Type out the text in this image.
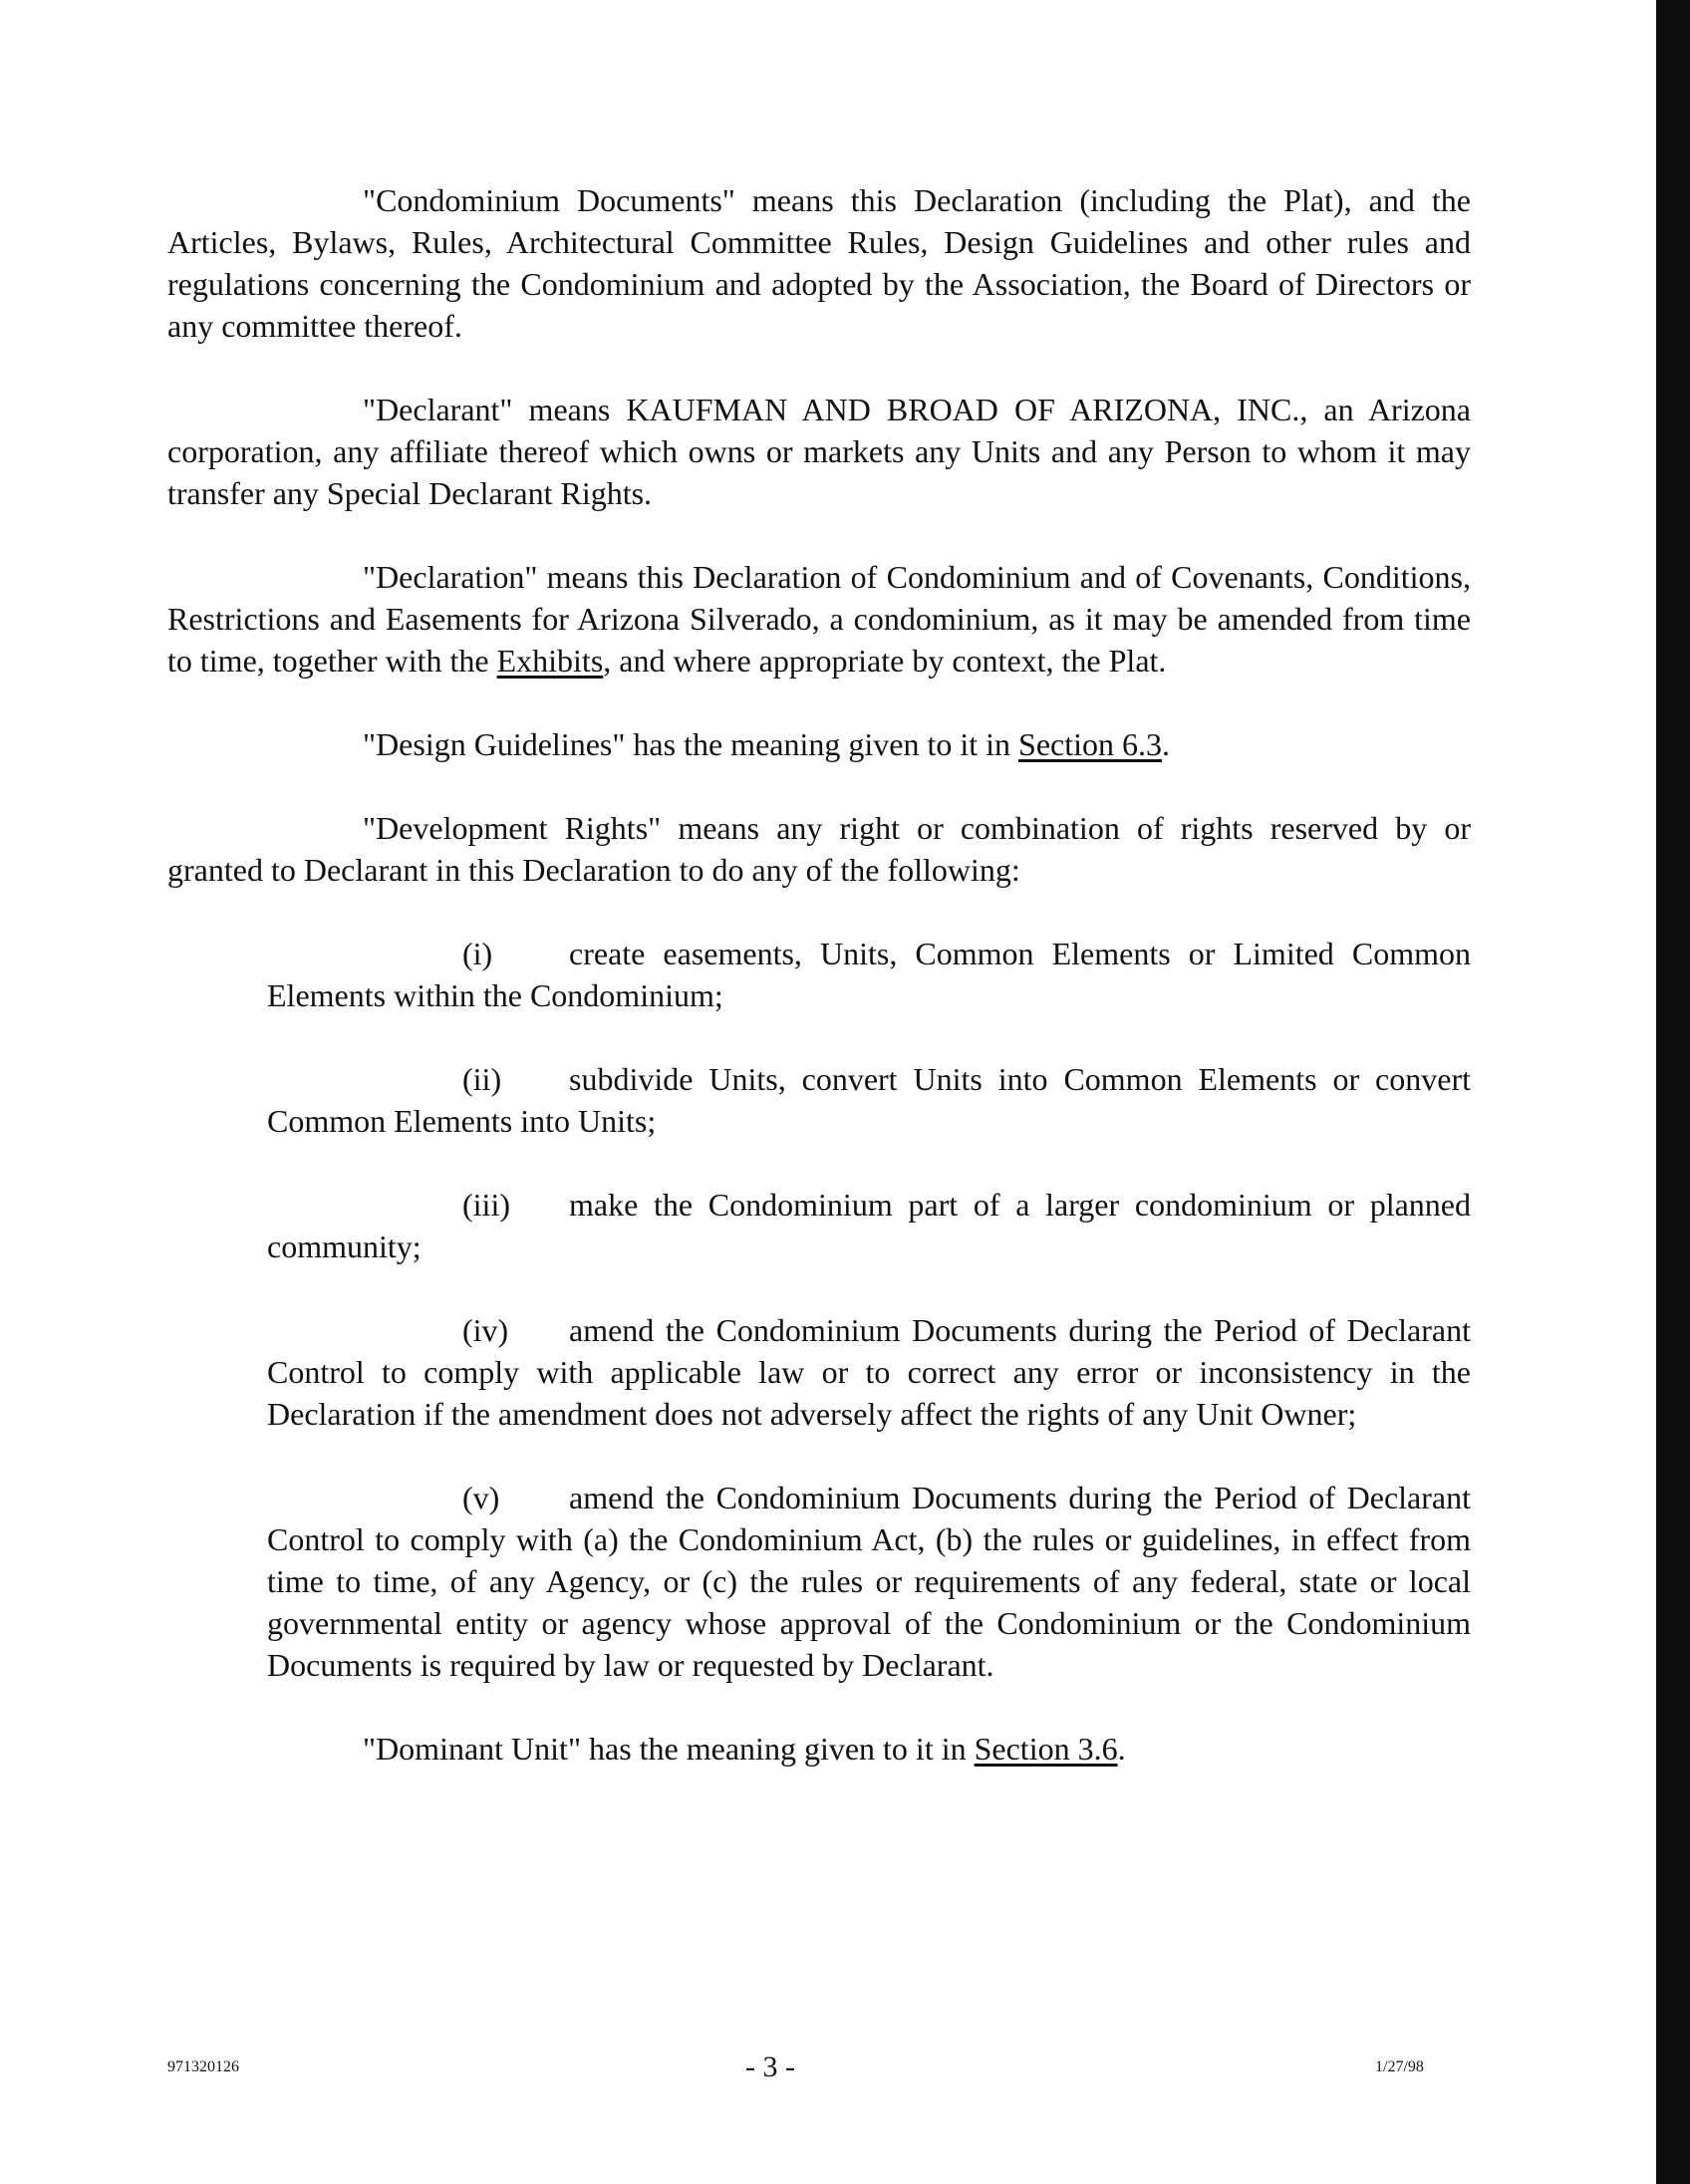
"Condominium Documents" means this Declaration (including the Plat), and the Articles, Bylaws, Rules, Architectural Committee Rules, Design Guidelines and other rules and regulations concerning the Condominium and adopted by the Association, the Board of Directors or any committee thereof.

"Declarant" means KAUFMAN AND BROAD OF ARIZONA, INC., an Arizona corporation, any affiliate thereof which owns or markets any Units and any Person to whom it may transfer any Special Declarant Rights.

"Declaration" means this Declaration of Condominium and of Covenants, Conditions, Restrictions and Easements for Arizona Silverado, a condominium, as it may be amended from time to time, together with the Exhibits, and where appropriate by context, the Plat.

"Design Guidelines" has the meaning given to it in Section 6.3.

"Development Rights" means any right or combination of rights reserved by or granted to Declarant in this Declaration to do any of the following:

(i) create easements, Units, Common Elements or Limited Common Elements within the Condominium;

(ii) subdivide Units, convert Units into Common Elements or convert Common Elements into Units;

(iii) make the Condominium part of a larger condominium or planned community;

(iv) amend the Condominium Documents during the Period of Declarant Control to comply with applicable law or to correct any error or inconsistency in the Declaration if the amendment does not adversely affect the rights of any Unit Owner;

(v) amend the Condominium Documents during the Period of Declarant Control to comply with (a) the Condominium Act, (b) the rules or guidelines, in effect from time to time, of any Agency, or (c) the rules or requirements of any federal, state or local governmental entity or agency whose approval of the Condominium or the Condominium Documents is required by law or requested by Declarant.

"Dominant Unit" has the meaning given to it in Section 3.6.

971320126	- 3 -	1/27/98
